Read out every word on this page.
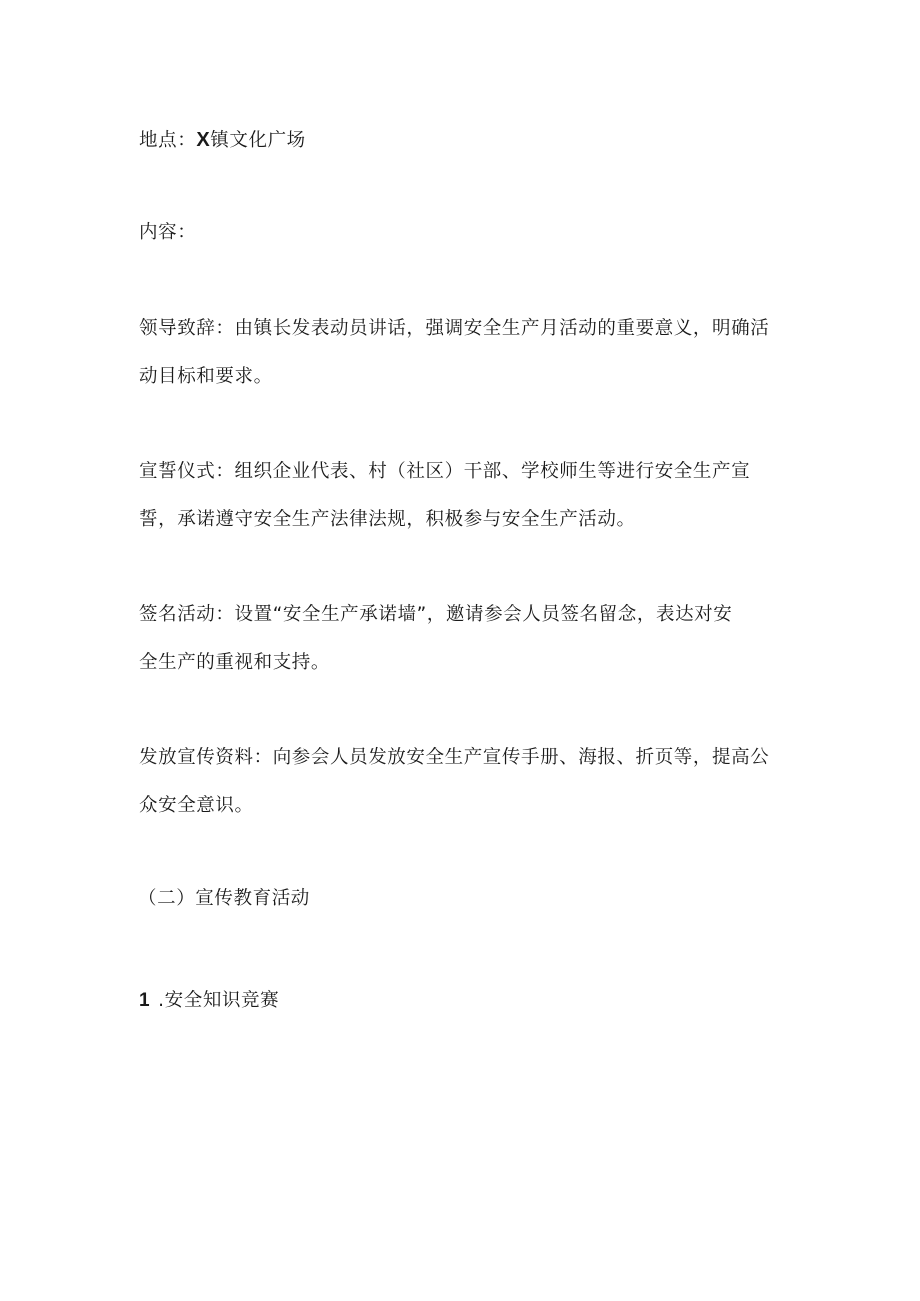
地点：X镇文化广场
内容：
领导致辞：由镇长发表动员讲话，强调安全生产月活动的重要意义，明确活
动目标和要求。
宣誓仪式：组织企业代表、村（社区）干部、学校师生等进行安全生产宣
誓，承诺遵守安全生产法律法规，积极参与安全生产活动。
签名活动：设置“安全生产承诺墙”，邀请参会人员签名留念，表达对安
全生产的重视和支持。
发放宣传资料：向参会人员发放安全生产宣传手册、海报、折页等，提高公
众安全意识。
（二）宣传教育活动
1 .安全知识竞赛
